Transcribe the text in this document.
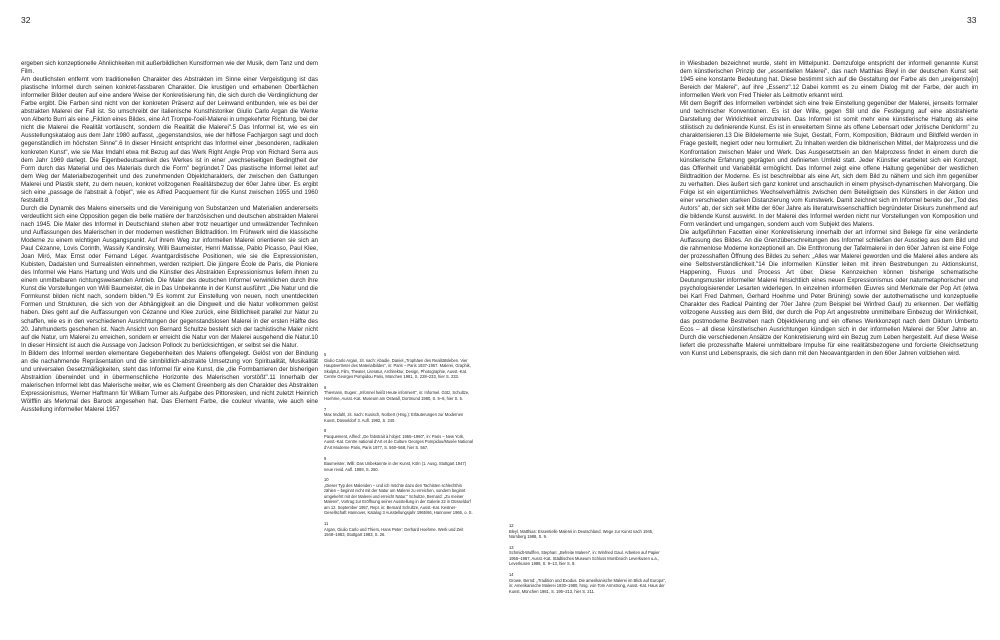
32	33

ergeben sich konzeptionelle Ähnlichkeiten mit außerbildlichen Kunstformen wie der Musik, dem Tanz und dem Film.

Am deutlichsten entfernt vom traditionellen Charakter des Abstrakten im Sinne einer Vergeistigung ist das plastische Informel durch seinen konkret-fassbaren Charakter. Die krustigen und erhabenen Oberflächen informeller Bilder deuten auf eine andere Weise der Konkretisierung hin, die sich durch die Verdinglichung der Farbe ergibt. Die Farben sind nicht von der konkreten Präsenz auf der Leinwand entbunden, wie es bei der abstrakten Malerei der Fall ist. So umschreibt der italienische Kunsthistoriker Giulio Carlo Argan die Werke von Alberto Burri als eine „Fiktion eines Bildes, eine Art Trompe-l'oeil-Malerei in umgekehrter Richtung, bei der nicht die Malerei die Realität vortäuscht, sondern die Realität die Malerei".5 Das Informel ist, wie es ein Ausstellungskatalog aus dem Jahr 1980 auffasst, „gegenstandslos, wie der hilflose Fachjargon sagt und doch gegenständlich im höchsten Sinne".6 In dieser Hinsicht entspricht das Informel einer „besonderen, radikalen konkreten Kunst", wie sie Max Imdahl etwa mit Bezug auf das Werk Right Angle Prop von Richard Serra aus dem Jahr 1969 darlegt. Die Eigenbedeutsamkeit des Werkes ist in einer „wechselseitigen Bedingtheit der Form durch das Material und des Materials durch die Form" begründet.7 Das plastische Informel leitet auf dem Weg der Materialbezogenheit und des zunehmenden Objektcharakters, der zwischen den Gattungen Malerei und Plastik steht, zu dem neuen, konkret vollzogenen Realitätsbezug der 60er Jahre über. Es ergibt sich eine „passage de l'abstrait à l'objet", wie es Alfred Pacquement für die Kunst zwischen 1955 und 1960 feststellt.8

Durch die Dynamik des Malens einerseits und die Vereinigung von Substanzen und Materialien andererseits verdeutlicht sich eine Opposition gegen die belle matière der französischen und deutschen abstrakten Malerei nach 1945. Die Maler des Informel in Deutschland stehen aber trotz neuartiger und umwälzender Techniken und Auffassungen des Malerischen in der modernen westlichen Bildtradition. Im Frühwerk wird die klassische Moderne zu einem wichtigen Ausgangspunkt. Auf ihrem Weg zur informellen Malerei orientieren sie sich an Paul Cézanne, Lovis Corinth, Wassily Kandinsky, Willi Baumeister, Henri Matisse, Pablo Picasso, Paul Klee, Joan Miró, Max Ernst oder Fernand Léger. Avantgardistische Positionen, wie sie die Expressionisten, Kubisten, Dadaisten und Surrealisten einnehmen, werden rezipiert. Die jüngere École de Paris, die Pioniere des Informel wie Hans Hartung und Wols und die Künstler des Abstrakten Expressionismus liefern ihnen zu einem unmittelbaren richtungsweisenden Antrieb. Die Maler des deutschen Informel verwirklichen durch ihre Kunst die Vorstellungen von Willi Baumeister, die in Das Unbekannte in der Kunst ausführt: „Die Natur und die Formkunst bilden nicht nach, sondern bilden."9 Es kommt zur Einstellung von neuen, noch unentdeckten Formen und Strukturen, die sich von der Abhängigkeit an die Dingwelt und die Natur vollkommen gelöst haben. Dies geht auf die Auffassungen von Cézanne und Klee zurück, eine Bildlichkeit parallel zur Natur zu schaffen, wie es in den verschiedenen Ausrichtungen der gegenstandslosen Malerei in der ersten Hälfte des 20. Jahrhunderts geschehen ist. Nach Ansicht von Bernard Schultze besteht sich der tachistische Maler nicht auf die Natur, um Malerei zu erreichen, sondern er erreicht die Natur von der Malerei ausgehend die Natur.10 In dieser Hinsicht ist auch die Aussage von Jackson Pollock zu berücksichtigen, er selbst sei die Natur.

In Bildern des Informel werden elementare Gegebenheiten des Malens offengelegt. Gelöst von der Bindung an die nachahmende Repräsentation und die sinnbildlich-abstrakte Umsetzung von Spiritualität, Musikalität und universalen Gesetzmäßigkeiten, steht das Informel für eine Kunst, die „die Formbarrieren der bisherigen Abstraktion überwindet und in übermenschliche Horizonte des Malerischen vorstößt".11 Innerhalb der malerischen Informel lebt das Malerische weiter, wie es Clement Greenberg als den Charakter des Abstrakten Expressionismus, Werner Haftmann für William Turner als Aufgabe des Pittoresken, und nicht zuletzt Heinrich Wölfflin als Merkmal des Barock angesehen hat. Das Element Farbe, die couleur vivante, wie auch eine Ausstellung informeller Malerei 1957

5
Giulio Carlo Argan, zit. nach: Abadie, Daniel „Trophäen des Realitätsleben. Vier Hauptvertreter des Materialbildes", in: Paris – Paris 1937-1957. Malerei, Graphik, Skulptur, Film, Theater, Literatur, Architektur, Design, Photographie, Ausst.-Kat. Centre Georges Pompidou Paris, München 1981, S. 228–233, hier S. 233.
6
Thiemann, Eugen: „Informel heißt Heute informiert", in: Informel. Götz, Schultze, Hoehme, Ausst.-Kat. Museum am Ostwall, Dortmund 1980, S. 5–8, hier S. 5.
7
Max Imdahl, zit. nach: Kusisch, Norbert (Hrsg.): Erläuterungen zur Modernen Kunst, Düsseldorf 3. Aufl. 1992, S. 240.
8
Pacquement, Alfred: „De l'abstrait à l'objet: 1955–1960", in: Paris – New York, Ausst.-Kat. Centre national d'Art et de Culture Georges Pompidou/Musée National d'Art Moderne Paris, Paris 1977, S. 560–568, hier S. 567.
9
Baumeister, Willi: Das Unbekannte in der Kunst, Köln (1. Ausg. Stuttgart 1947) neue revid. Aufl. 1988, S. 250.
10
„Dieser Typ des Malenden – und ich möchte dazu den Tachisten schlechthin zählen – beginnt nicht mit der Natur um Malerei zu erreichen, sondern beginnt umgekehrt mit der Malerei und erreicht Natur." Schultze, Bernard: „Zu meiner Malerei", Vortrag zur Eröffnung seiner Ausstellung in der Galerie 22 in Düsseldorf am 12. September 1957, Repr. in: Bernard Schultze, Ausst.-Kat. Kestner-Gesellschaft Hannover, Katalog 3 Ausstellungsjahr 1965/66, Hannover 1966, o. S.
11
Argan, Giulio Carlo und Thiers, Hans Peter: Gerhard Hoehme. Werk und Zeit 1948–1983, Stuttgart 1983, S. 26.
12
Bleyl, Matthias: Essentielle Malerei in Deutschland. Wege zur Kunst nach 1945, Nürnberg 1988, S. 9.
13
Schmidt-Wulffen, Stephan: „Befreite Malerei", in: Winfried Gaul. Arbeiten auf Papier 1955–1987, Ausst.-Kat. Städtisches Museum Schloss Morsbroich Leverkusen u.a., Leverkusen 1988, S. 9–13, hier S. 9.
14
Growe, Bernd: „Tradition und Exodus. Die amerikanische Malerei im Blick auf Europa", in: Amerikanische Malerei 1930–1980, hrsg. von Tom Armstrong, Ausst.-Kat. Haus der Kunst, München 1981, S. 195–213, hier S. 211.

in Wiesbaden bezeichnet wurde, steht im Mittelpunkt. Demzufolge entspricht der informell genannte Kunst dem künstlerischen Prinzip der „essentiellen Malerei", das nach Matthias Bleyl in der deutschen Kunst seit 1945 eine konstante Bedeutung hat. Diese bestimmt sich auf die Gestaltung der Farbe als den „ureigenste[n] Bereich der Malerei", auf ihre „Essenz".12 Dabei kommt es zu einem Dialog mit der Farbe, der auch im informellen Werk von Fred Thieler als Leitmotiv erkannt wird.

Mit dem Begriff des Informellen verbindet sich eine freie Einstellung gegenüber der Malerei, jenseits formaler und technischer Konventionen. Es ist der Wille, gegen Stil und die Festlegung auf eine abstrahierte Darstellung der Wirklichkeit einzutreten. Das Informel ist somit mehr eine künstlerische Haltung als eine stilistisch zu definierende Kunst. Es ist in erweitertem Sinne als offene Lebensart oder „kritische Denkform" zu charakterisieren.13 Die Bildelemente wie Sujet, Gestalt, Form, Komposition, Bildraum und Bildfeld werden in Frage gestellt, negiert oder neu formuliert. Zu Inhalten werden die bildnerischen Mittel, der Malprozess und die Konfrontation zwischen Maler und Werk. Das Ausgesetztsein an den Malprozess findet in einem durch die künstlerische Erfahrung geprägten und definierten Umfeld statt. Jeder Künstler erarbeitet sich ein Konzept, das Offenheit und Variabilität ermöglicht. Das Informel zeigt eine offene Haltung gegenüber der westlichen Bildtradition der Moderne. Es ist beschreibbar als eine Art, sich dem Bild zu nähern und sich ihm gegenüber zu verhalten. Dies äußert sich ganz konkret und anschaulich in einem physisch-dynamischen Malvorgang. Die Folge ist ein eigentümliches Wechselverhältnis zwischen dem Beteiligtsein des Künstlers in der Aktion und einer verschieden starken Distanzierung vom Kunstwerk. Damit zeichnet sich im Informel bereits der „Tod des Autors" ab, der sich seit Mitte der 60er Jahre als literaturwissenschaftlich begründeter Diskurs zunehmend auf die bildende Kunst auswirkt. In der Malerei des Informel werden nicht nur Vorstellungen von Komposition und Form verändert und umgangen, sondern auch vom Subjekt des Malens.

Die aufgeführten Facetten einer Konkretisierung innerhalb der art informel sind Belege für eine veränderte Auffassung des Bildes. An die Grenzüberschreitungen des Informel schließen der Ausstieg aus dem Bild und die rahmenlose Moderne konzeptionell an. Die Entthronung der Tafelmalerei in den 60er Jahren ist eine Folge der prozesshaften Öffnung des Bildes zu sehen: „Alles war Malerei geworden und die Malerei alles andere als eine Selbstverständlichkeit."14 Die informellen Künstler leiten mit ihren Bestrebungen zu Aktionskunst, Happening, Fluxus und Process Art über. Diese Kennzeichen können bisherige schematische Deutungsmuster informeller Malerei hinsichtlich eines neuen Expressionismus oder naturmetaphorischer und psychologisierender Lesarten widerlegen. In einzelnen informellen Œuvres sind Merkmale der Pop Art (etwa bei Karl Fred Dahmen, Gerhard Hoehme und Peter Brüning) sowie der autothematische und konzeptuelle Charakter des Radical Painting der 70er Jahre (zum Beispiel bei Winfred Gaul) zu erkennen. Der vielfältig vollzogene Ausstieg aus dem Bild, der durch die Pop Art angestrebte unmittelbare Einbezug der Wirklichkeit, das postmoderne Bestreben nach Objektivierung und ein offenes Werkkonzept nach dem Diktum Umberto Ecos – all diese künstlerischen Ausrichtungen kündigen sich in der informellen Malerei der 50er Jahre an. Durch die verschiedenen Ansätze der Konkretisierung wird ein Bezug zum Leben hergestellt. Auf diese Weise liefert die prozesshafte Malerei unmittelbare Impulse für eine realitätsbezogene und forcierte Gleichsetzung von Kunst und Lebenspraxis, die sich dann mit den Neoavantgarden in den 60er Jahren vollziehen wird.
